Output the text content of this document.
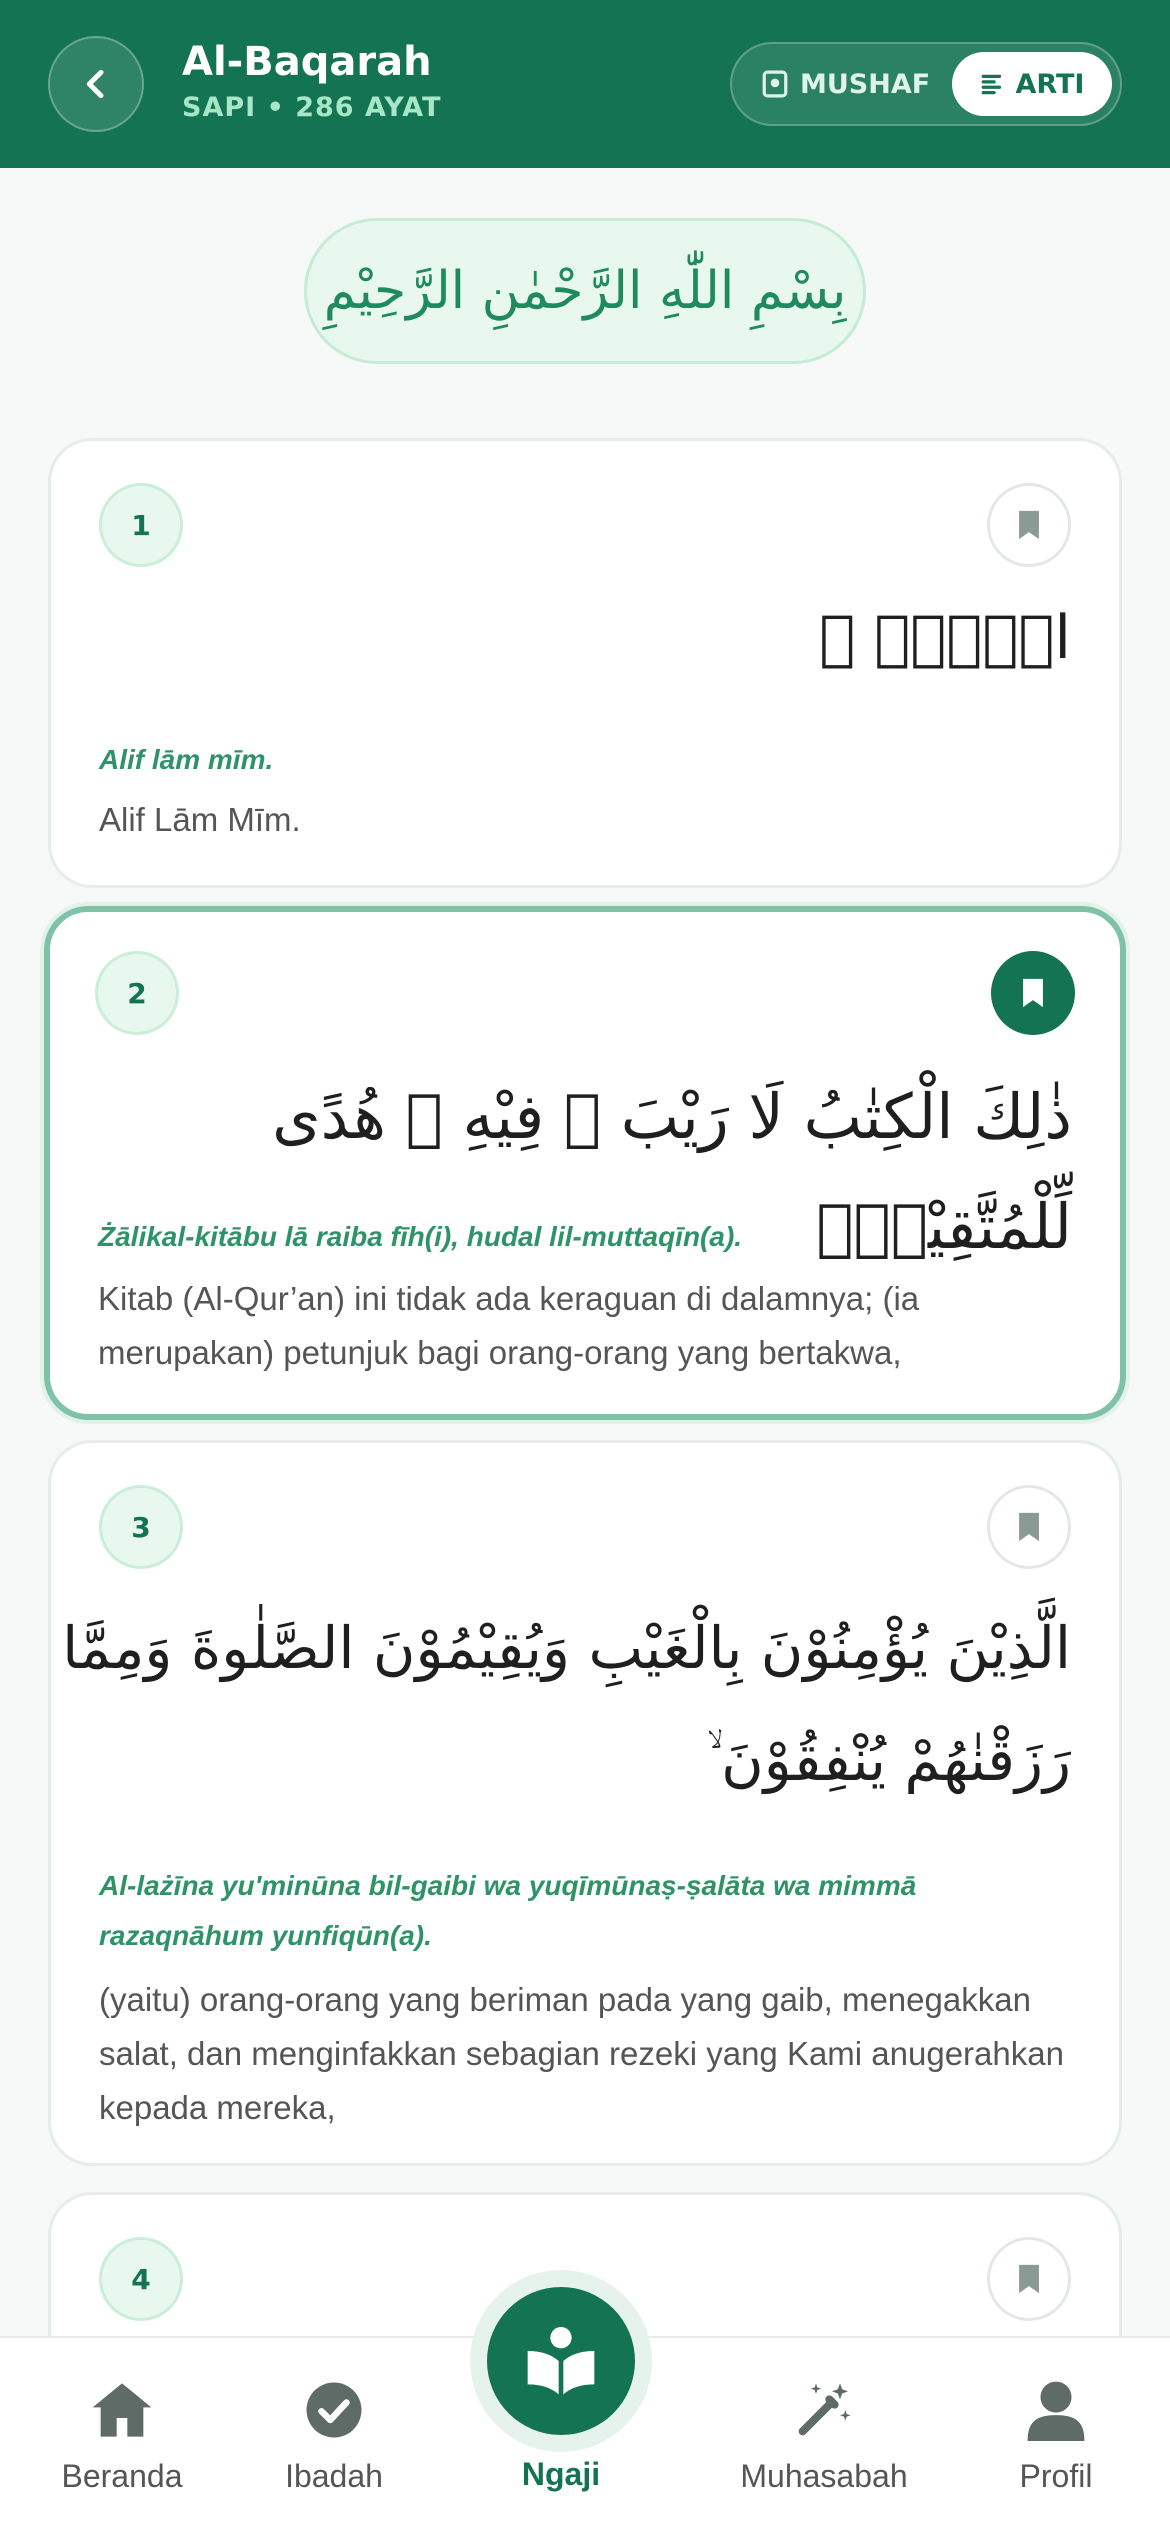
Al-Baqarah
SAPI • 286 AYAT
MUSHAF	ARTI
بِسْمِ اللّٰهِ الرَّحْمٰنِ الرَّحِيْمِ
1
الۤمّۤ ۚ
Alif lām mīm.
Alif Lām Mīm.
2
ذٰلِكَ الْكِتٰبُ لَا رَيْبَ ۛ فِيْهِ ۛ هُدًى لِّلْمُتَّقِيْنَۙ
Żālikal-kitābu lā raiba fīh(i), hudal lil-muttaqīn(a).
Kitab (Al-Qur’an) ini tidak ada keraguan di dalamnya; (ia merupakan) petunjuk bagi orang-orang yang bertakwa,
3
الَّذِيْنَ يُؤْمِنُوْنَ بِالْغَيْبِ وَيُقِيْمُوْنَ الصَّلٰوةَ وَمِمَّا
رَزَقْنٰهُمْ يُنْفِقُوْنَ ۙ
Al-lażīna yu'minūna bil-gaibi wa yuqīmūnaṣ-ṣalāta wa mimmā razaqnāhum yunfiqūn(a).
(yaitu) orang-orang yang beriman pada yang gaib, menegakkan salat, dan menginfakkan sebagian rezeki yang Kami anugerahkan kepada mereka,
4
Beranda	Ibadah	Muhasabah	Profil
Ngaji
